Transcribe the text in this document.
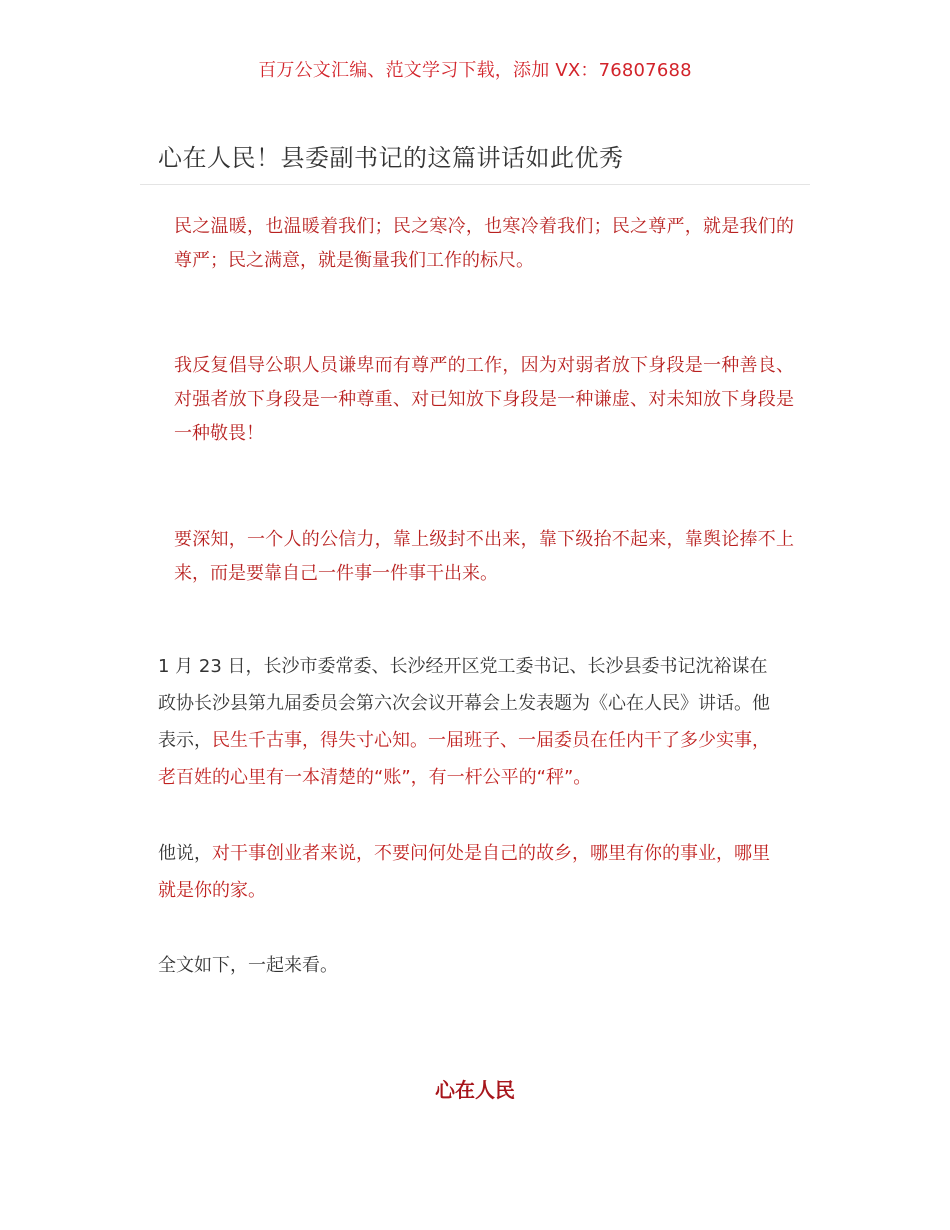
百万公文汇编、范文学习下载，添加 VX：76807688
心在人民！县委副书记的这篇讲话如此优秀

民之温暖，也温暖着我们；民之寒冷，也寒冷着我们；民之尊严，就是我们的尊严；民之满意，就是衡量我们工作的标尺。

我反复倡导公职人员谦卑而有尊严的工作，因为对弱者放下身段是一种善良、对强者放下身段是一种尊重、对已知放下身段是一种谦虚、对未知放下身段是一种敬畏！

要深知，一个人的公信力，靠上级封不出来，靠下级抬不起来，靠舆论捧不上来，而是要靠自己一件事一件事干出来。

1 月 23 日，长沙市委常委、长沙经开区党工委书记、长沙县委书记沈裕谋在政协长沙县第九届委员会第六次会议开幕会上发表题为《心在人民》讲话。他表示，民生千古事，得失寸心知。一届班子、一届委员在任内干了多少实事，老百姓的心里有一本清楚的“账”，有一杆公平的“秤”。

他说，对干事创业者来说，不要问何处是自己的故乡，哪里有你的事业，哪里就是你的家。

全文如下，一起来看。

心在人民
